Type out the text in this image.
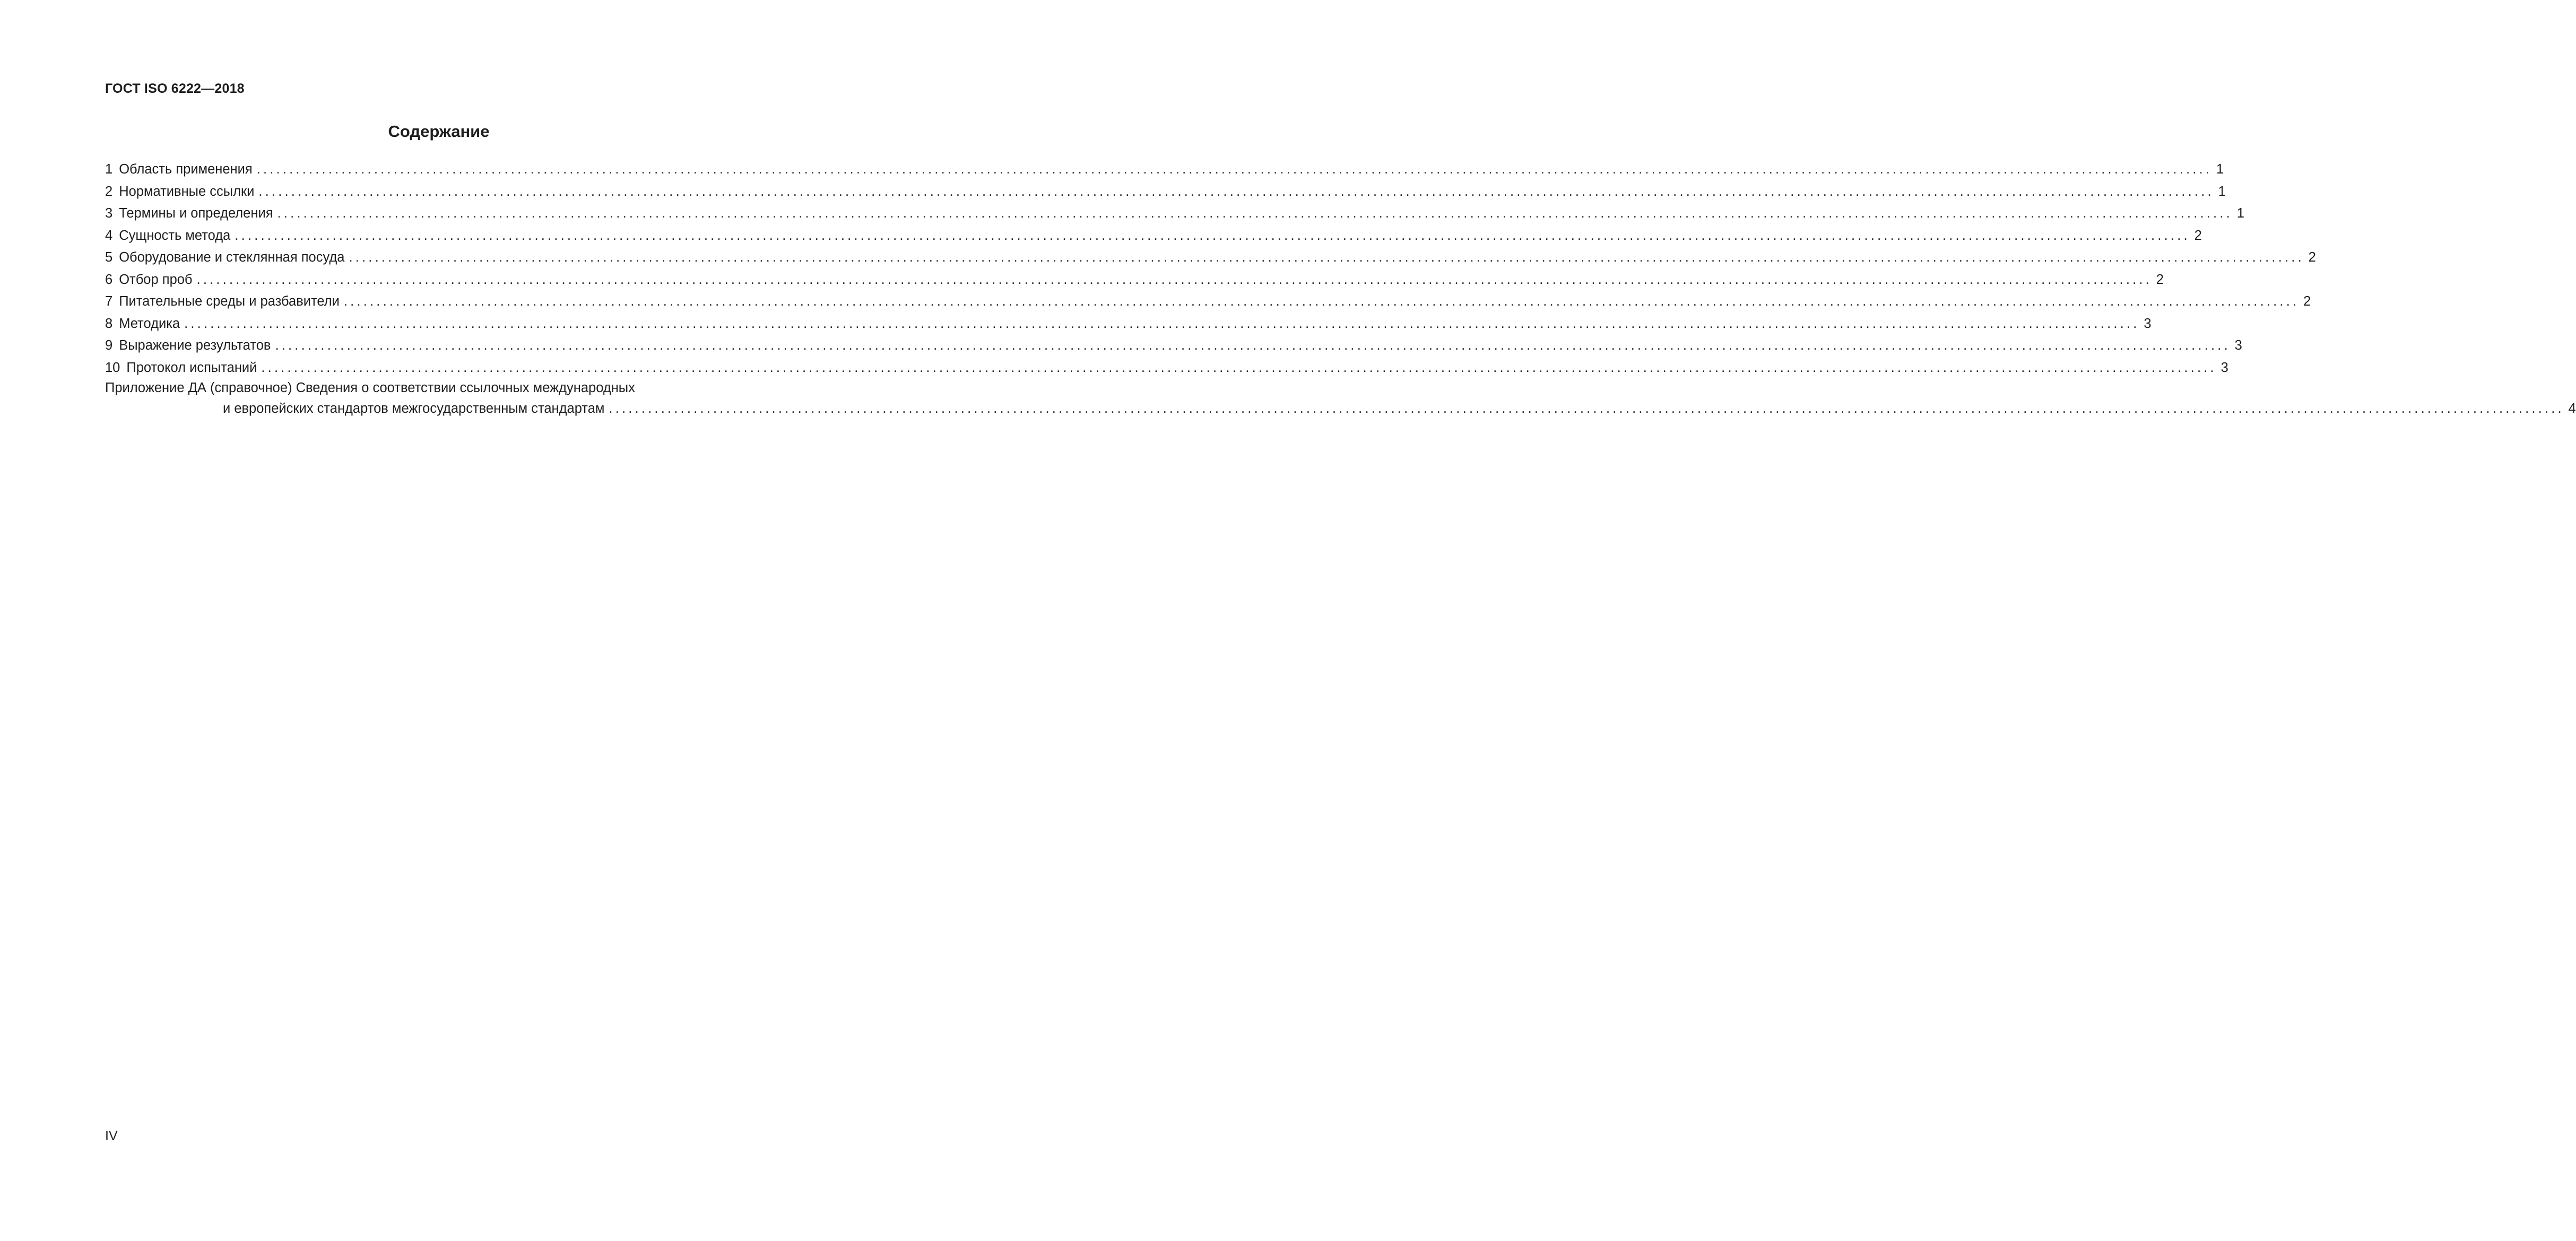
ГОСТ ISO 6222—2018
Содержание
1 Область применения ............................................................................................................................................................................................................................................................................................................ 1
2 Нормативные ссылки ............................................................................................................................................................................................................................................................................................................ 1
3 Термины и определения ............................................................................................................................................................................................................................................................................................................ 1
4 Сущность метода ............................................................................................................................................................................................................................................................................................................ 2
5 Оборудование и стеклянная посуда ............................................................................................................................................................................................................................................................................................................ 2
6 Отбор проб ............................................................................................................................................................................................................................................................................................................ 2
7 Питательные среды и разбавители ............................................................................................................................................................................................................................................................................................................ 2
8 Методика ............................................................................................................................................................................................................................................................................................................ 3
9 Выражение результатов ............................................................................................................................................................................................................................................................................................................ 3
10 Протокол испытаний ............................................................................................................................................................................................................................................................................................................ 3
Приложение ДА (справочное) Сведения о соответствии ссылочных международных
и европейских стандартов межгосударственным стандартам ............................................................................................................................................................................................................................................................................................................ 4
IV
